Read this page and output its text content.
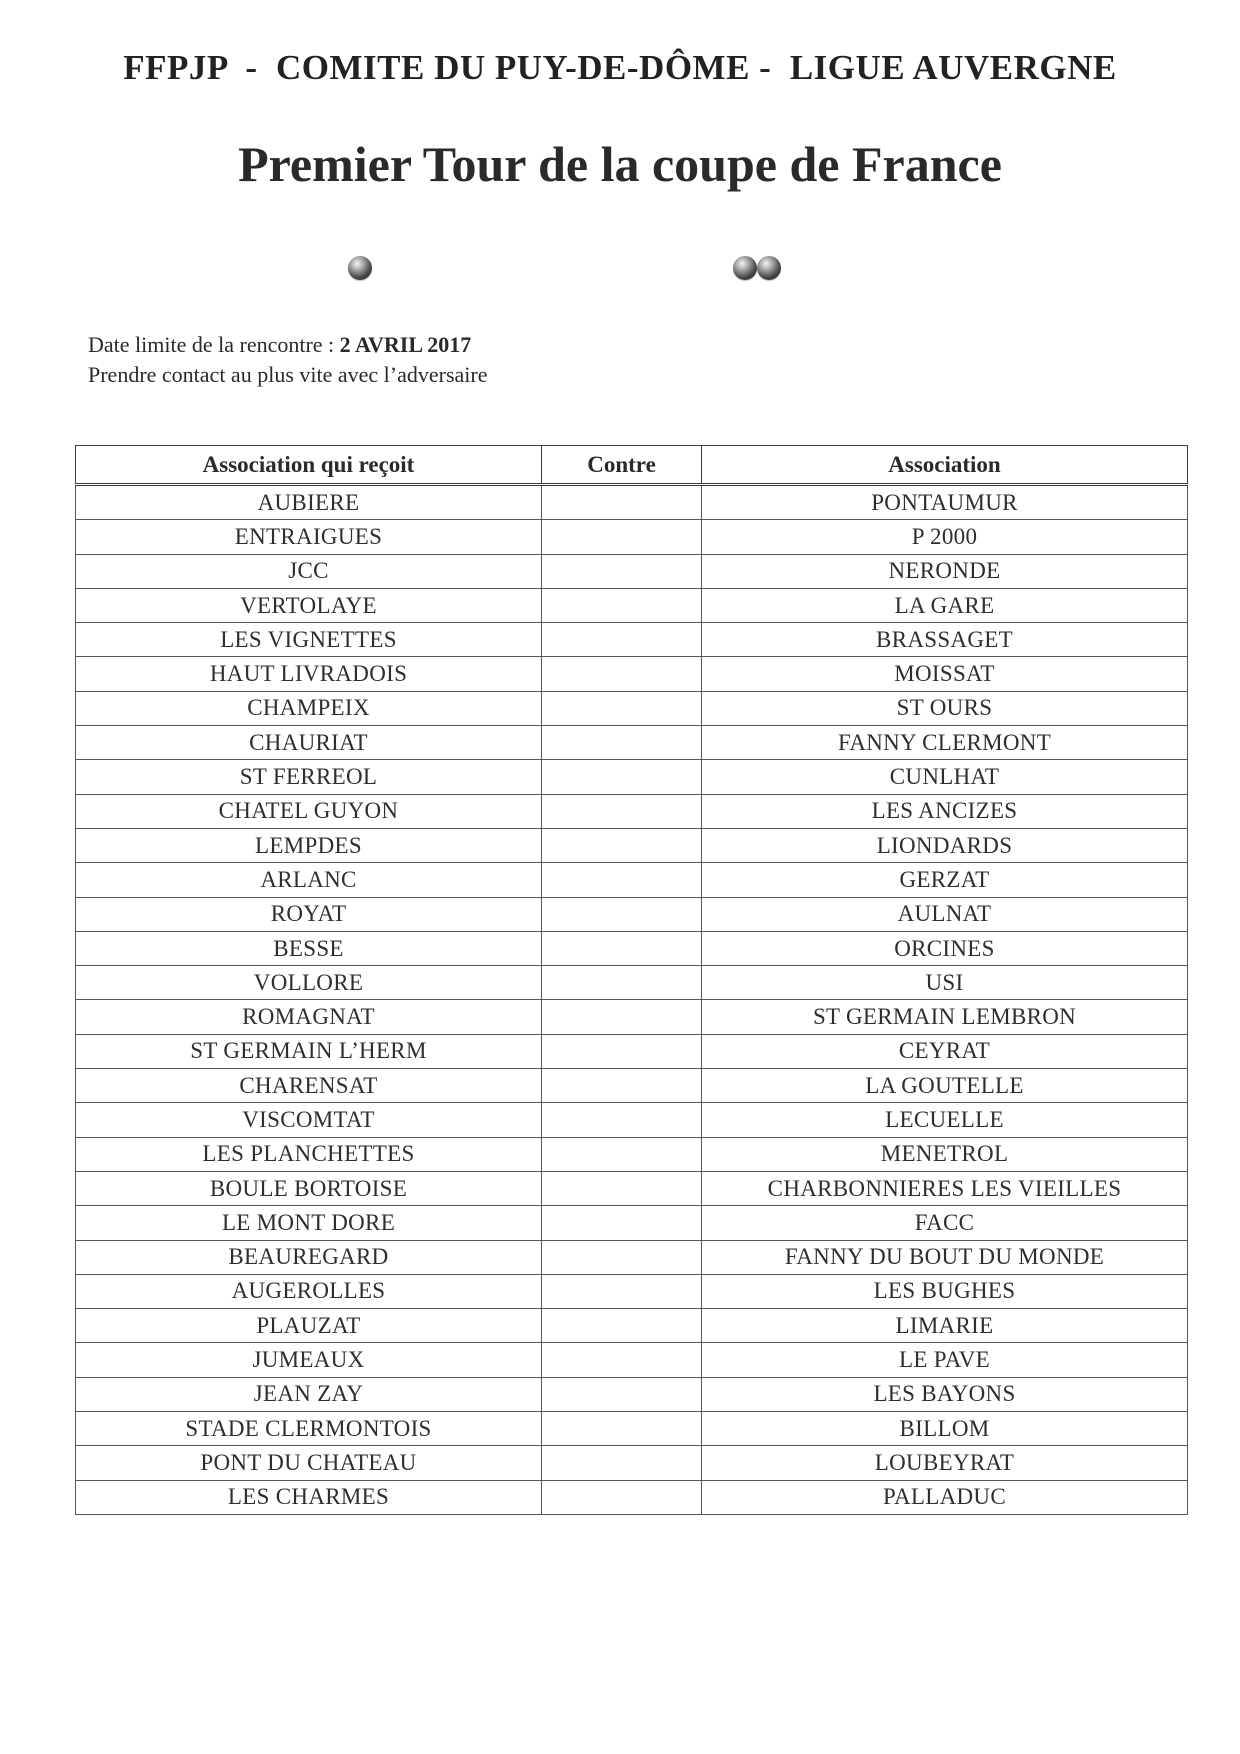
FFPJP  -  COMITE DU PUY-DE-DÔME -  LIGUE AUVERGNE
Premier Tour de la coupe de France
Date limite de la rencontre : 2 AVRIL 2017
Prendre contact au plus vite avec l’adversaire
Association qui reçoit	Contre	Association
AUBIERE		PONTAUMUR
ENTRAIGUES		P 2000
JCC		NERONDE
VERTOLAYE		LA GARE
LES VIGNETTES		BRASSAGET
HAUT LIVRADOIS		MOISSAT
CHAMPEIX		ST OURS
CHAURIAT		FANNY CLERMONT
ST FERREOL		CUNLHAT
CHATEL GUYON		LES ANCIZES
LEMPDES		LIONDARDS
ARLANC		GERZAT
ROYAT		AULNAT
BESSE		ORCINES
VOLLORE		USI
ROMAGNAT		ST GERMAIN LEMBRON
ST GERMAIN L’HERM		CEYRAT
CHARENSAT		LA GOUTELLE
VISCOMTAT		LECUELLE
LES PLANCHETTES		MENETROL
BOULE BORTOISE		CHARBONNIERES LES VIEILLES
LE MONT DORE		FACC
BEAUREGARD		FANNY DU BOUT DU MONDE
AUGEROLLES		LES BUGHES
PLAUZAT		LIMARIE
JUMEAUX		LE PAVE
JEAN ZAY		LES BAYONS
STADE CLERMONTOIS		BILLOM
PONT DU CHATEAU		LOUBEYRAT
LES CHARMES		PALLADUC
